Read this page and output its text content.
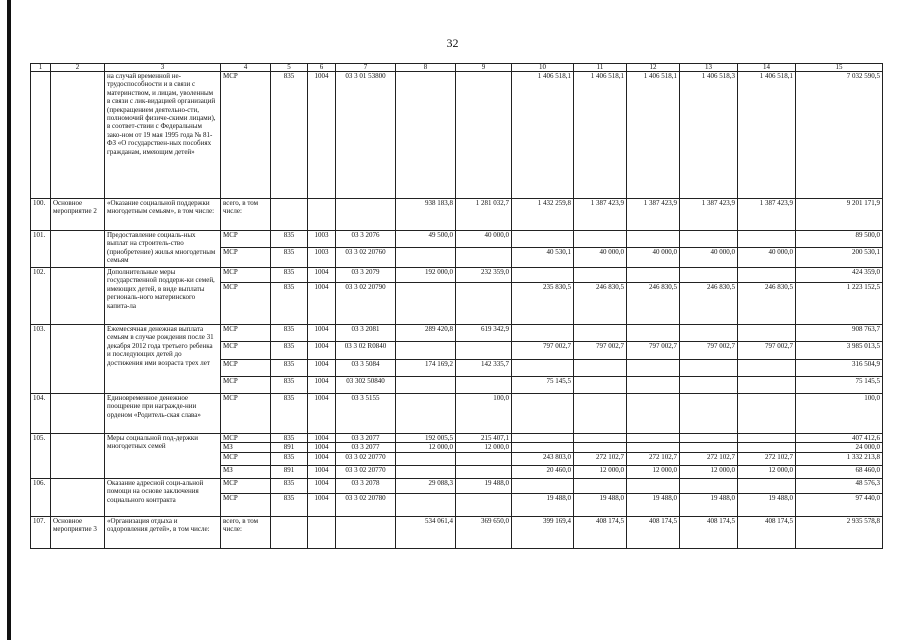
32
1	2	3	4	5	6	7	8	9	10	11	12	13	14	15
		на случай временной не-трудоспособности и в связи с материнством, и лицам, уволенным в связи с лик-видацией организаций (прекращением деятельно-сти, полномочий физиче-скими лицами), в соответ-ствии с Федеральным зако-ном от 19 мая 1995 года № 81-ФЗ «О государствен-ных пособиях гражданам, имеющим детей»	МСР	835	1004	03 3 01 53800			1 406 518,1	1 406 518,1	1 406 518,1	1 406 518,3	1 406 518,1	7 032 590,5
100.	Основное мероприятие 2	«Оказание социальной поддержки многодетным семьям», в том числе:	всего, в том числе:				938 183,8	1 281 032,7	1 432 259,8	1 387 423,9	1 387 423,9	1 387 423,9	1 387 423,9	9 201 171,9
101.		Предоставление социаль-ных выплат на строитель-ство (приобретение) жилья многодетным семьям	МСР	835	1003	03 3 2076	49 500,0	40 000,0						89 500,0
			МСР	835	1003	03 3 02 20760			40 530,1	40 000,0	40 000,0	40 000,0	40 000,0	200 530,1
102.		Дополнительные меры государственной поддерж-ки семей, имеющих детей, в виде выплаты региональ-ного материнского капита-ла	МСР	835	1004	03 3 2079	192 000,0	232 359,0						424 359,0
			МСР	835	1004	03 3 02 20790			235 830,5	246 830,5	246 830,5	246 830,5	246 830,5	1 223 152,5
103.		Ежемесячная денежная выплата семьям в случае рождения после 31 декабря 2012 года третьего ребенка и последующих детей до достижения ими возраста трех лет	МСР	835	1004	03 3 2081	289 420,8	619 342,9						908 763,7
			МСР	835	1004	03 3 02 R0840			797 002,7	797 002,7	797 002,7	797 002,7	797 002,7	3 985 013,5
			МСР	835	1004	03 3 5084	174 169,2	142 335,7						316 504,9
			МСР	835	1004	03 302 50840			75 145,5					75 145,5
104.		Единовременное денежное поощрение при награжде-нии орденом «Родитель-ская слава»	МСР	835	1004	03 3 5155		100,0						100,0
105.		Меры социальной под-держки многодетных семей	МСР	835	1004	03 3 2077	192 005,5	215 407,1						407 412,6
			МЗ	891	1004	03 3 2077	12 000,0	12 000,0						24 000,0
			МСР	835	1004	03 3 02 20770			243 803,0	272 102,7	272 102,7	272 102,7	272 102,7	1 332 213,8
			МЗ	891	1004	03 3 02 20770			20 460,0	12 000,0	12 000,0	12 000,0	12 000,0	68 460,0
106.		Оказание адресной соци-альной помощи на основе заключения социального контракта	МСР	835	1004	03 3 2078	29 088,3	19 488,0						48 576,3
			МСР	835	1004	03 3 02 20780			19 488,0	19 488,0	19 488,0	19 488,0	19 488,0	97 440,0
107.	Основное мероприятие 3	«Организация отдыха и оздоровления детей», в том числе:	всего, в том числе:				534 061,4	369 650,0	399 169,4	408 174,5	408 174,5	408 174,5	408 174,5	2 935 578,8
